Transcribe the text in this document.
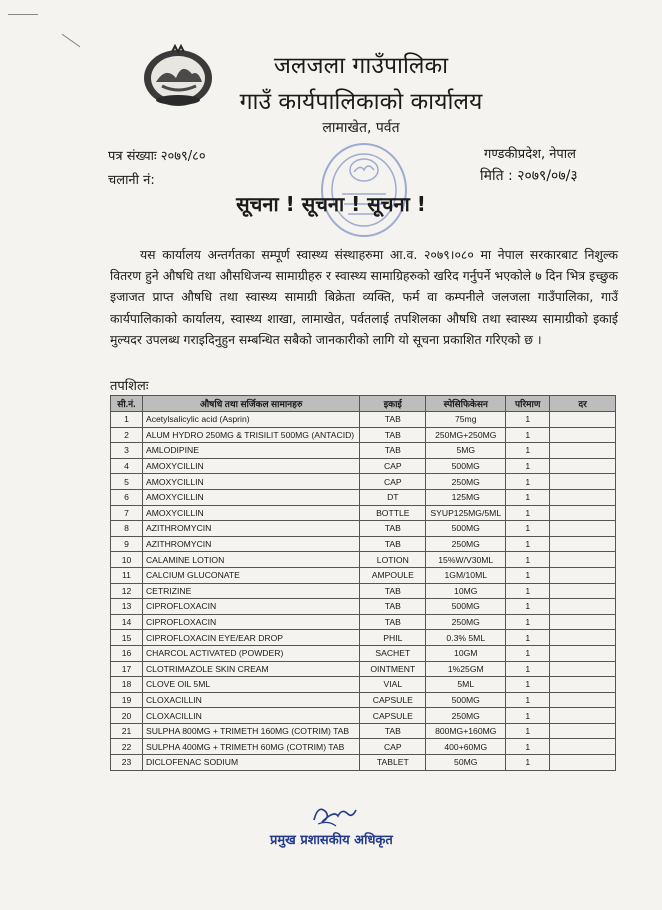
जलजला गाउँपालिका
गाउँ कार्यपालिकाको कार्यालय
लामाखेत, पर्वत
पत्र संख्याः २०७९/८०
चलानी नं:
गण्डकीप्रदेश, नेपाल
मिति : २०७९/०७/३
सूचना ! सूचना ! सूचना !
यस कार्यालय अन्तर्गतका सम्पूर्ण स्वास्थ्य संस्थाहरुमा आ.व. २०७९।०८० मा नेपाल सरकारबाट निशुल्क वितरण हुने औषधि तथा औसधिजन्य सामाग्रीहरु र स्वास्थ्य सामाग्रिहरुको खरिद गर्नुपर्ने भएकोले ७ दिन भित्र इच्छुक इजाजत प्राप्त औषधि तथा स्वास्थ्य सामाग्री बिक्रेता व्यक्ति, फर्म वा कम्पनीले जलजला गाउँपालिका, गाउँ कार्यपालिकाको कार्यालय, स्वास्थ्य शाखा, लामाखेत, पर्वतलाई तपशिलका औषधि तथा स्वास्थ्य सामाग्रीको इकाई मुल्यदर उपलब्ध गराइदिनुहुन सम्बन्धित सबैको जानकारीको लागि यो सूचना प्रकाशित गरिएको छ ।
तपशिलः
सी.नं.	औषधि तथा सर्जिकल सामानहरु	इकाई	स्पेसिफिकेसन	परिमाण	दर
1	Acetylsalicylic acid (Asprin)	TAB	75mg	1	
2	ALUM HYDRO 250MG & TRISILIT 500MG (ANTACID)	TAB	250MG+250MG	1	
3	AMLODIPINE	TAB	5MG	1	
4	AMOXYCILLIN	CAP	500MG	1	
5	AMOXYCILLIN	CAP	250MG	1	
6	AMOXYCILLIN	DT	125MG	1	
7	AMOXYCILLIN	BOTTLE	SYUP125MG/5ML	1	
8	AZITHROMYCIN	TAB	500MG	1	
9	AZITHROMYCIN	TAB	250MG	1	
10	CALAMINE LOTION	LOTION	15%W/V30ML	1	
11	CALCIUM GLUCONATE	AMPOULE	1GM/10ML	1	
12	CETRIZINE	TAB	10MG	1	
13	CIPROFLOXACIN	TAB	500MG	1	
14	CIPROFLOXACIN	TAB	250MG	1	
15	CIPROFLOXACIN EYE/EAR DROP	PHIL	0.3% 5ML	1	
16	CHARCOL ACTIVATED (POWDER)	SACHET	10GM	1	
17	CLOTRIMAZOLE SKIN CREAM	OINTMENT	1%25GM	1	
18	CLOVE OIL 5ML	VIAL	5ML	1	
19	CLOXACILLIN	CAPSULE	500MG	1	
20	CLOXACILLIN	CAPSULE	250MG	1	
21	SULPHA 800MG + TRIMETH 160MG (COTRIM) TAB	TAB	800MG+160MG	1	
22	SULPHA 400MG + TRIMETH 60MG (COTRIM) TAB	CAP	400+60MG	1	
23	DICLOFENAC SODIUM	TABLET	50MG	1	
प्रमुख प्रशासकीय अधिकृत
